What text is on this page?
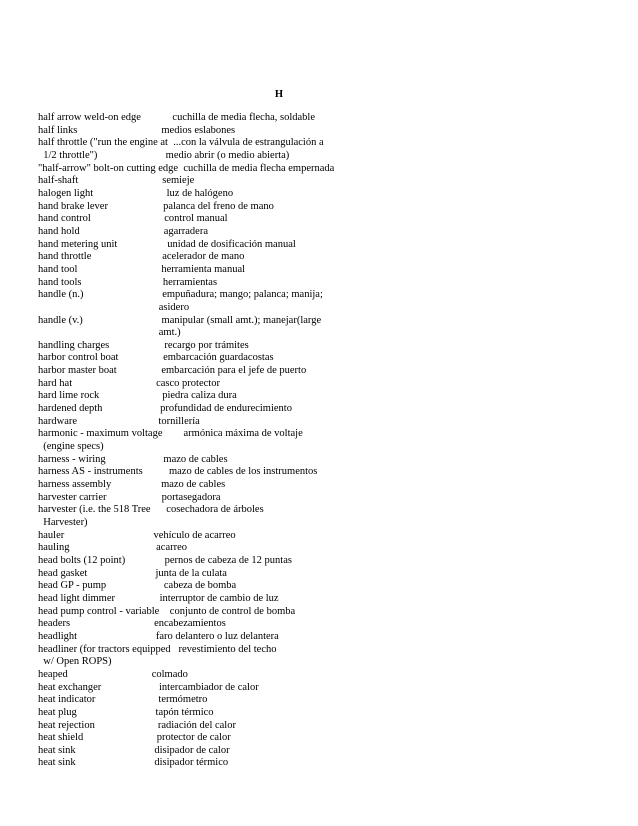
H
half arrow weld-on edge            cuchilla de media flecha, soldable
half links                                medios eslabones
half throttle ("run the engine at  ...con la válvula de estrangulación a
1/2 throttle")                          medio abrir (o medio abierta)
"half-arrow" bolt-on cutting edge  cuchilla de media flecha empernada
half-shaft                                semieje
halogen light                            luz de halógeno
hand brake lever                     palanca del freno de mano
hand control                            control manual
hand hold                                agarradera
hand metering unit                   unidad de dosificación manual
hand throttle                           acelerador de mano
hand tool                                herramienta manual
hand tools                               herramientas
handle (n.)                              empuñadura; mango; palanca; manija;
asidero
handle (v.)                              manipular (small amt.); manejar(large
amt.)
handling charges                     recargo por trámites
harbor control boat                 embarcación guardacostas
harbor master boat                 embarcación para el jefe de puerto
hard hat                                casco protector
hard lime rock                        piedra caliza dura
hardened depth                      profundidad de endurecimiento
hardware                               tornillería
harmonic - maximum voltage        armónica máxima de voltaje
(engine specs)
harness - wiring                      mazo de cables
harness AS - instruments          mazo de cables de los instrumentos
harness assembly                   mazo de cables
harvester carrier                     portasegadora
harvester (i.e. the 518 Tree      cosechadora de árboles
Harvester)
hauler                                  vehículo de acarreo
hauling                                 acarreo
head bolts (12 point)               pernos de cabeza de 12 puntas
head gasket                          junta de la culata
head GP - pump                      cabeza de bomba
head light dimmer                 interruptor de cambio de luz
head pump control - variable    conjunto de control de bomba
headers                                encabezamientos
headlight                              faro delantero o luz delantera
headliner (for tractors equipped   revestimiento del techo
w/ Open ROPS)
heaped                                colmado
heat exchanger                      intercambiador de calor
heat indicator                        termómetro
heat plug                              tapón térmico
heat rejection                        radiación del calor
heat shield                            protector de calor
heat sink                              disipador de calor
heat sink                              disipador térmico
